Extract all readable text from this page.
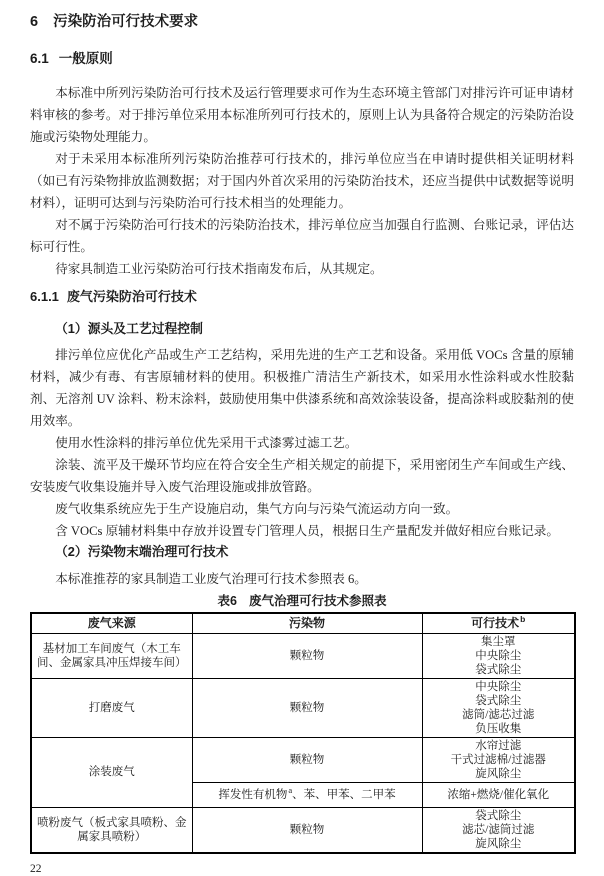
6 污染防治可行技术要求
6.1 一般原则

本标准中所列污染防治可行技术及运行管理要求可作为生态环境主管部门对排污许可证申请材料审核的参考。对于排污单位采用本标准所列可行技术的，原则上认为具备符合规定的污染防治设施或污染物处理能力。

对于未采用本标准所列污染防治推荐可行技术的，排污单位应当在申请时提供相关证明材料（如已有污染物排放监测数据；对于国内外首次采用的污染防治技术，还应当提供中试数据等说明材料），证明可达到与污染防治可行技术相当的处理能力。

对不属于污染防治可行技术的污染防治技术，排污单位应当加强自行监测、台账记录，评估达标可行性。

待家具制造工业污染防治可行技术指南发布后，从其规定。

6.1.1 废气污染防治可行技术
（1）源头及工艺过程控制

排污单位应优化产品或生产工艺结构，采用先进的生产工艺和设备。采用低 VOCs 含量的原辅材料，减少有毒、有害原辅材料的使用。积极推广清洁生产新技术，如采用水性涂料或水性胶黏剂、无溶剂 UV 涂料、粉末涂料，鼓励使用集中供漆系统和高效涂装设备，提高涂料或胶黏剂的使用效率。

使用水性涂料的排污单位优先采用干式漆雾过滤工艺。

涂装、流平及干燥环节均应在符合安全生产相关规定的前提下，采用密闭生产车间或生产线、安装废气收集设施并导入废气治理设施或排放管路。

废气收集系统应先于生产设施启动，集气方向与污染气流运动方向一致。

含 VOCs 原辅材料集中存放并设置专门管理人员，根据日生产量配发并做好相应台账记录。

（2）污染物末端治理可行技术

本标准推荐的家具制造工业废气治理可行技术参照表 6。

表6 废气治理可行技术参照表
废气来源	污染物	可行技术$^b$
基材加工车间废气（木工车间、金属家具冲压焊接车间）	颗粒物	集尘罩
中央除尘
袋式除尘

打磨废气	颗粒物	中央除尘
袋式除尘
滤筒/滤芯过滤
负压收集

涂装废气	颗粒物	水帘过滤
干式过滤棉/过滤器
旋风除尘

	挥发性有机物$^a$、苯、甲苯、二甲苯	浓缩+燃烧/催化氧化

喷粉废气（板式家具喷粉、金属家具喷粉）	颗粒物	袋式除尘
滤芯/滤筒过滤
旋风除尘
22
